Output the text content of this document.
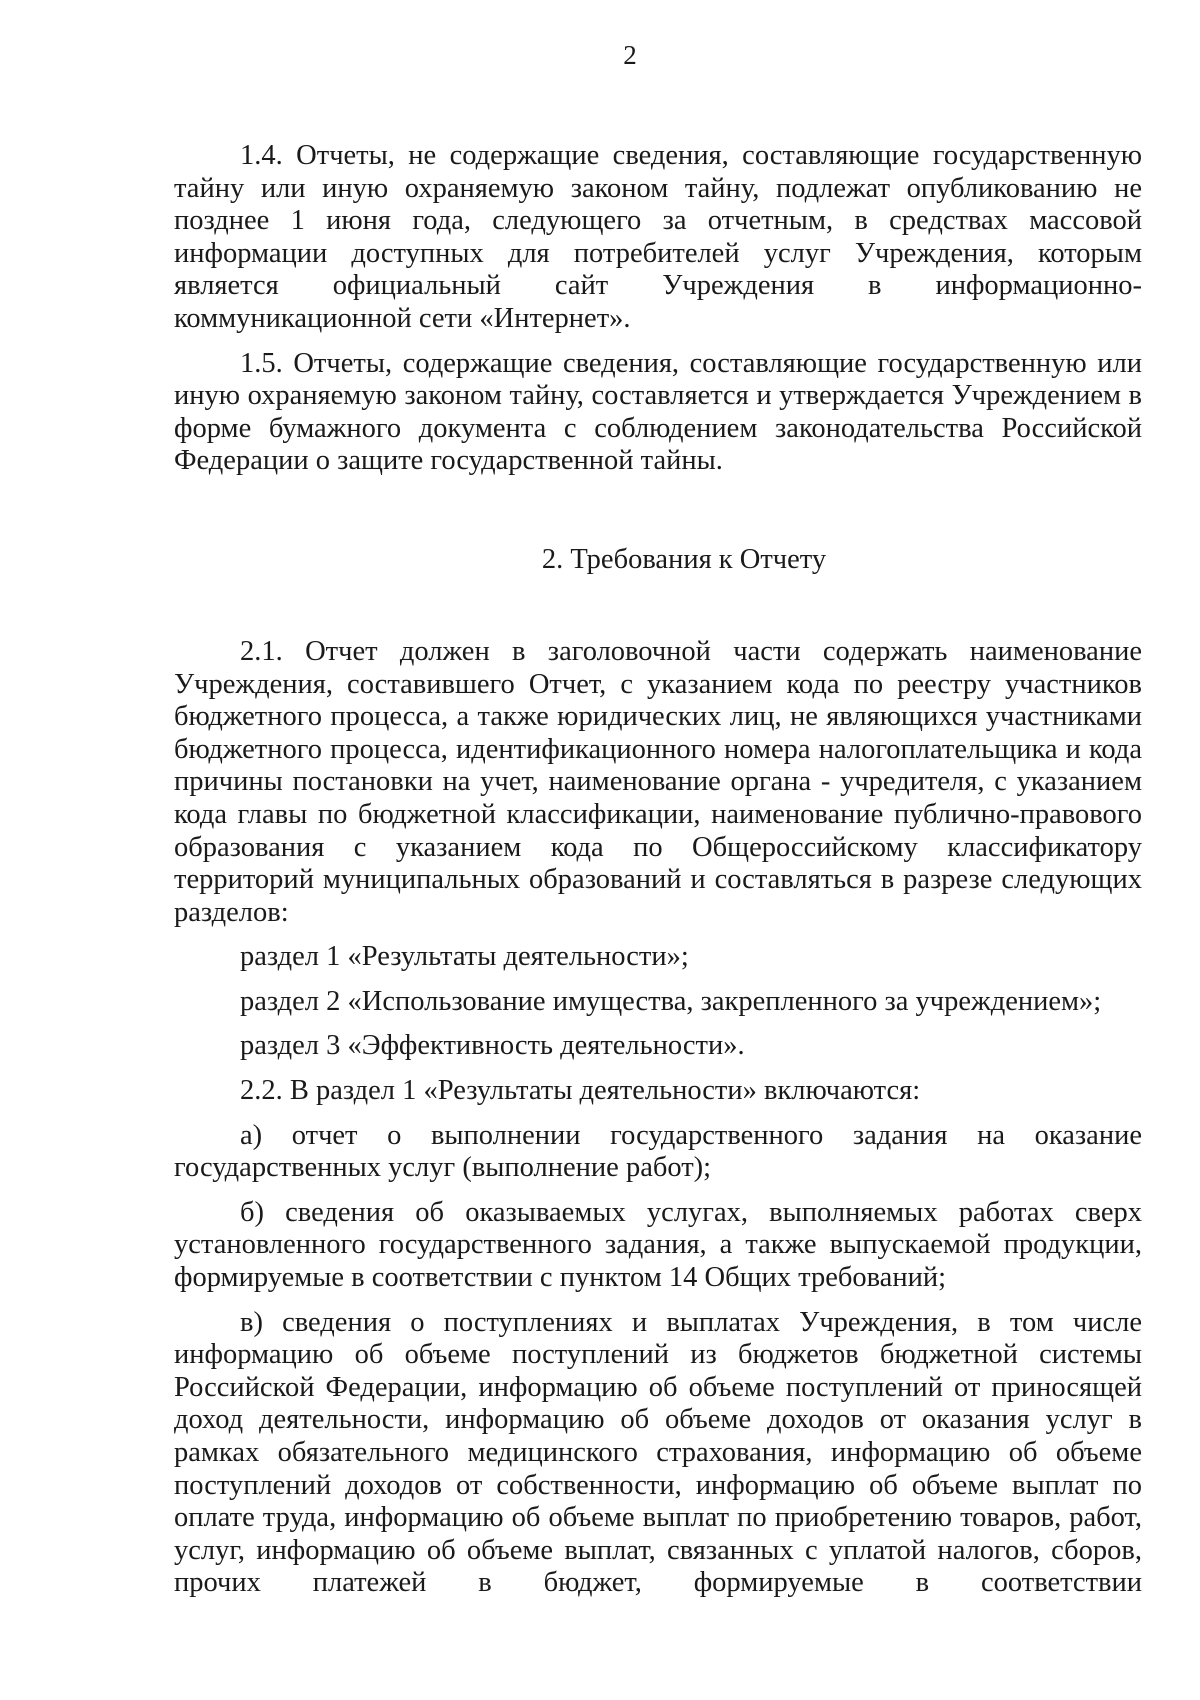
2

1.4. Отчеты, не содержащие сведения, составляющие государственную тайну или иную охраняемую законом тайну, подлежат опубликованию не позднее 1 июня года, следующего за отчетным, в средствах массовой информации доступных для потребителей услуг Учреждения, которым является официальный сайт Учреждения в информационно-коммуникационной сети «Интернет».

1.5. Отчеты, содержащие сведения, составляющие государственную или иную охраняемую законом тайну, составляется и утверждается Учреждением в форме бумажного документа с соблюдением законодательства Российской Федерации о защите государственной тайны.

2. Требования к Отчету

2.1. Отчет должен в заголовочной части содержать наименование Учреждения, составившего Отчет, с указанием кода по реестру участников бюджетного процесса, а также юридических лиц, не являющихся участниками бюджетного процесса, идентификационного номера налогоплательщика и кода причины постановки на учет, наименование органа - учредителя, с указанием кода главы по бюджетной классификации, наименование публично-правового образования с указанием кода по Общероссийскому классификатору территорий муниципальных образований и составляться в разрезе следующих разделов:

раздел 1 «Результаты деятельности»;

раздел 2 «Использование имущества, закрепленного за учреждением»;

раздел 3 «Эффективность деятельности».

2.2. В раздел 1 «Результаты деятельности» включаются:

а) отчет о выполнении государственного задания на оказание государственных услуг (выполнение работ);

б) сведения об оказываемых услугах, выполняемых работах сверх установленного государственного задания, а также выпускаемой продукции, формируемые в соответствии с пунктом 14 Общих требований;

в) сведения о поступлениях и выплатах Учреждения, в том числе информацию об объеме поступлений из бюджетов бюджетной системы Российской Федерации, информацию об объеме поступлений от приносящей доход деятельности, информацию об объеме доходов от оказания услуг в рамках обязательного медицинского страхования, информацию об объеме поступлений доходов от собственности, информацию об объеме выплат по оплате труда, информацию об объеме выплат по приобретению товаров, работ, услуг, информацию об объеме выплат, связанных с уплатой налогов, сборов, прочих платежей в бюджет, формируемые в соответствии
